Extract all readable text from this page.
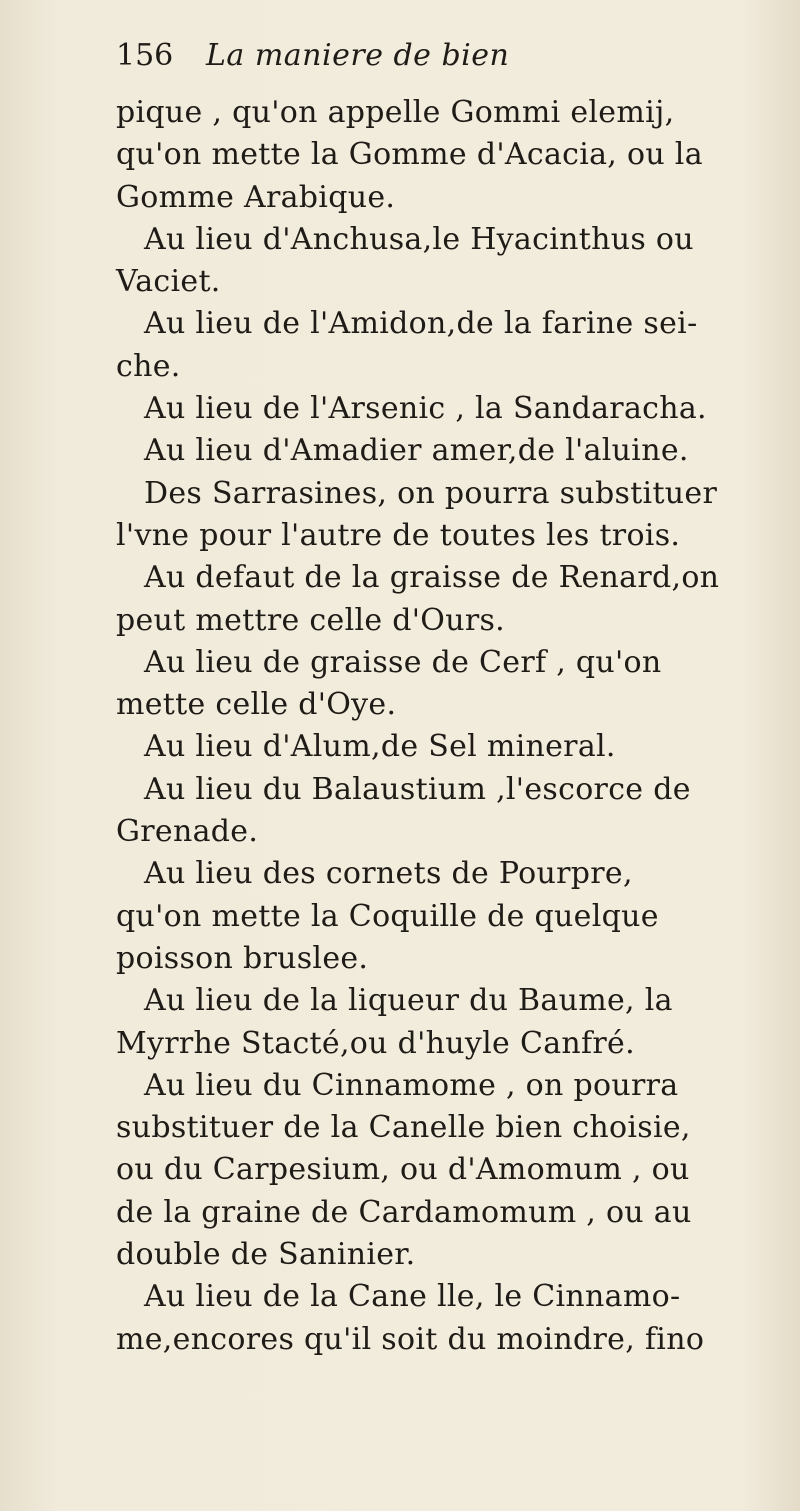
156	La maniere de bien
pique , qu'on appelle Gommi elemij,
qu'on mette la Gomme d'Acacia, ou la
Gomme Arabique.
Au lieu d'Anchusa,le Hyacinthus ou
Vaciet.
Au lieu de l'Amidon,de la farine sei-
che.
Au lieu de l'Arsenic , la Sandaracha.
Au lieu d'Amadier amer,de l'aluine.
Des Sarrasines, on pourra substituer
l'vne pour l'autre de toutes les trois.
Au defaut de la graisse de Renard,on
peut mettre celle d'Ours.
Au lieu de graisse de Cerf , qu'on
mette celle d'Oye.
Au lieu d'Alum,de Sel mineral.
Au lieu du Balaustium ,l'escorce de
Grenade.
Au lieu des cornets de Pourpre,
qu'on mette la Coquille de quelque
poisson bruslee.
Au lieu de la liqueur du Baume, la
Myrrhe Stacté,ou d'huyle Canfré.
Au lieu du Cinnamome , on pourra
substituer de la Canelle bien choisie,
ou du Carpesium, ou d'Amomum , ou
de la graine de Cardamomum , ou au
double de Saninier.
Au lieu de la Cane lle, le Cinnamo-
me,encores qu'il soit du moindre, fino
